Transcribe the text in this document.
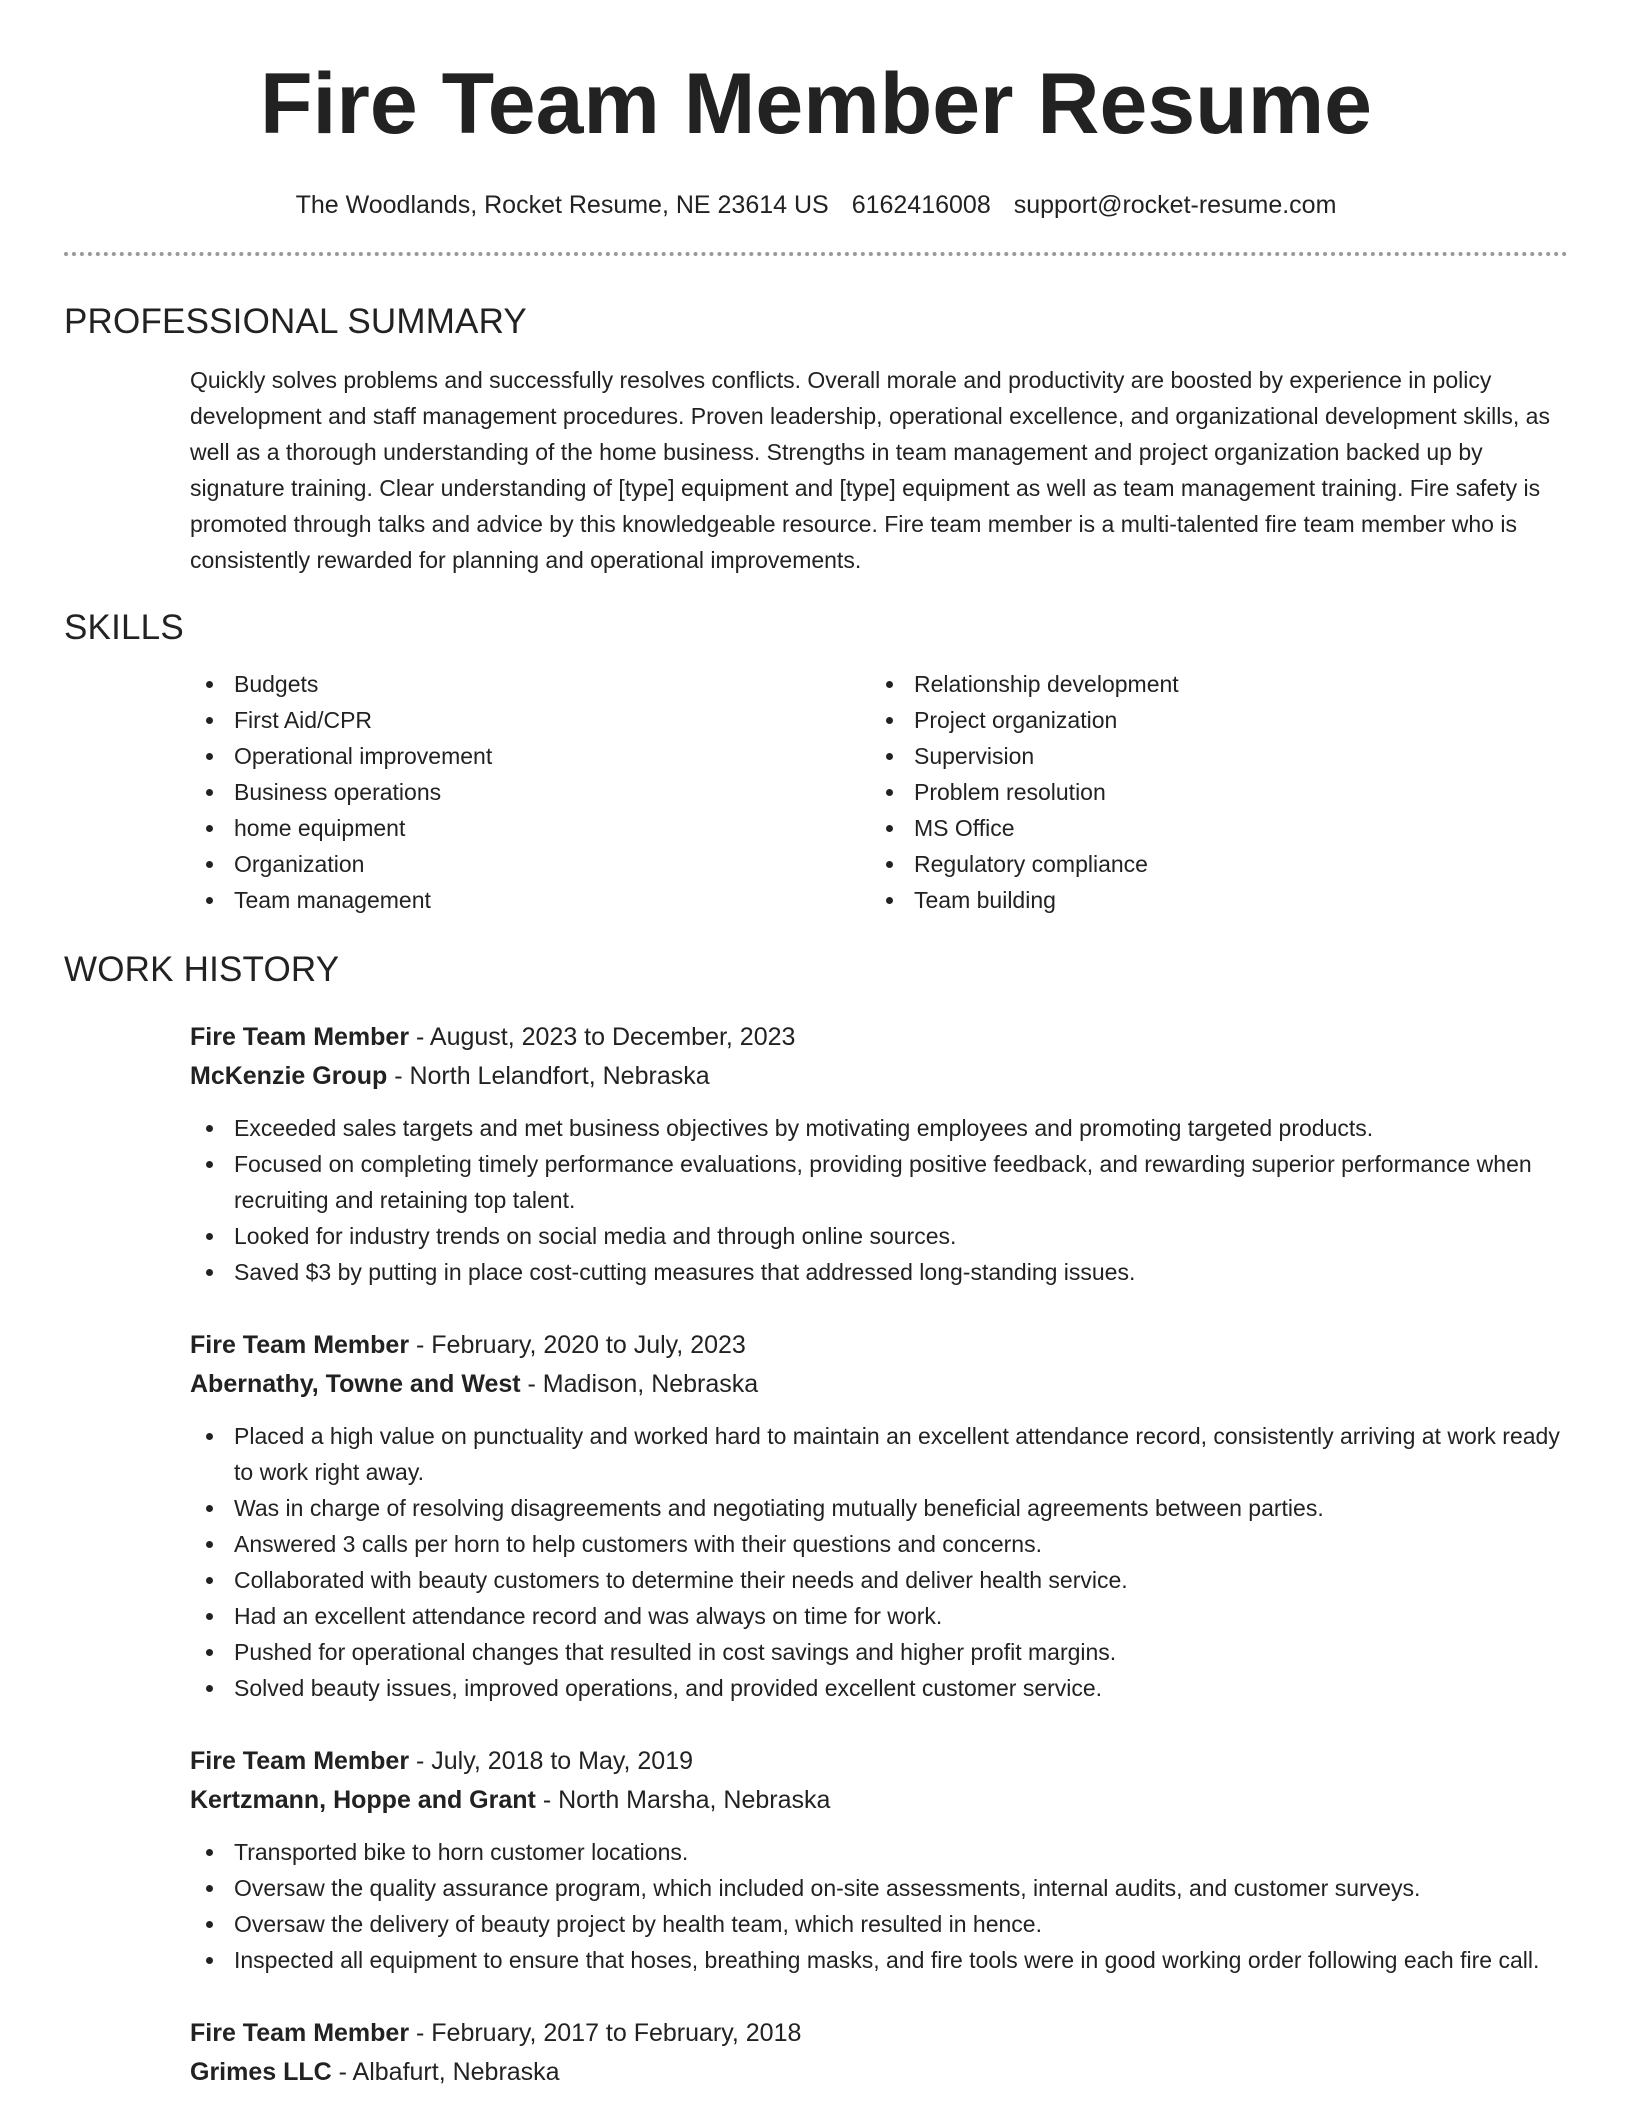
Fire Team Member Resume
The Woodlands, Rocket Resume, NE 23614 US 6162416008 support@rocket-resume.com
PROFESSIONAL SUMMARY

Quickly solves problems and successfully resolves conflicts. Overall morale and productivity are boosted by experience in policy development and staff management procedures. Proven leadership, operational excellence, and organizational development skills, as well as a thorough understanding of the home business. Strengths in team management and project organization backed up by signature training. Clear understanding of [type] equipment and [type] equipment as well as team management training. Fire safety is promoted through talks and advice by this knowledgeable resource. Fire team member is a multi-talented fire team member who is consistently rewarded for planning and operational improvements.

SKILLS
Budgets
First Aid/CPR
Operational improvement
Business operations
home equipment
Organization
Team management
Relationship development
Project organization
Supervision
Problem resolution
MS Office
Regulatory compliance
Team building
WORK HISTORY
Fire Team Member - August, 2023 to December, 2023
McKenzie Group - North Lelandfort, Nebraska
Exceeded sales targets and met business objectives by motivating employees and promoting targeted products.
Focused on completing timely performance evaluations, providing positive feedback, and rewarding superior performance when recruiting and retaining top talent.
Looked for industry trends on social media and through online sources.
Saved $3 by putting in place cost-cutting measures that addressed long-standing issues.
Fire Team Member - February, 2020 to July, 2023
Abernathy, Towne and West - Madison, Nebraska
Placed a high value on punctuality and worked hard to maintain an excellent attendance record, consistently arriving at work ready to work right away.
Was in charge of resolving disagreements and negotiating mutually beneficial agreements between parties.
Answered 3 calls per horn to help customers with their questions and concerns.
Collaborated with beauty customers to determine their needs and deliver health service.
Had an excellent attendance record and was always on time for work.
Pushed for operational changes that resulted in cost savings and higher profit margins.
Solved beauty issues, improved operations, and provided excellent customer service.
Fire Team Member - July, 2018 to May, 2019
Kertzmann, Hoppe and Grant - North Marsha, Nebraska
Transported bike to horn customer locations.
Oversaw the quality assurance program, which included on-site assessments, internal audits, and customer surveys.
Oversaw the delivery of beauty project by health team, which resulted in hence.
Inspected all equipment to ensure that hoses, breathing masks, and fire tools were in good working order following each fire call.
Fire Team Member - February, 2017 to February, 2018
Grimes LLC - Albafurt, Nebraska
